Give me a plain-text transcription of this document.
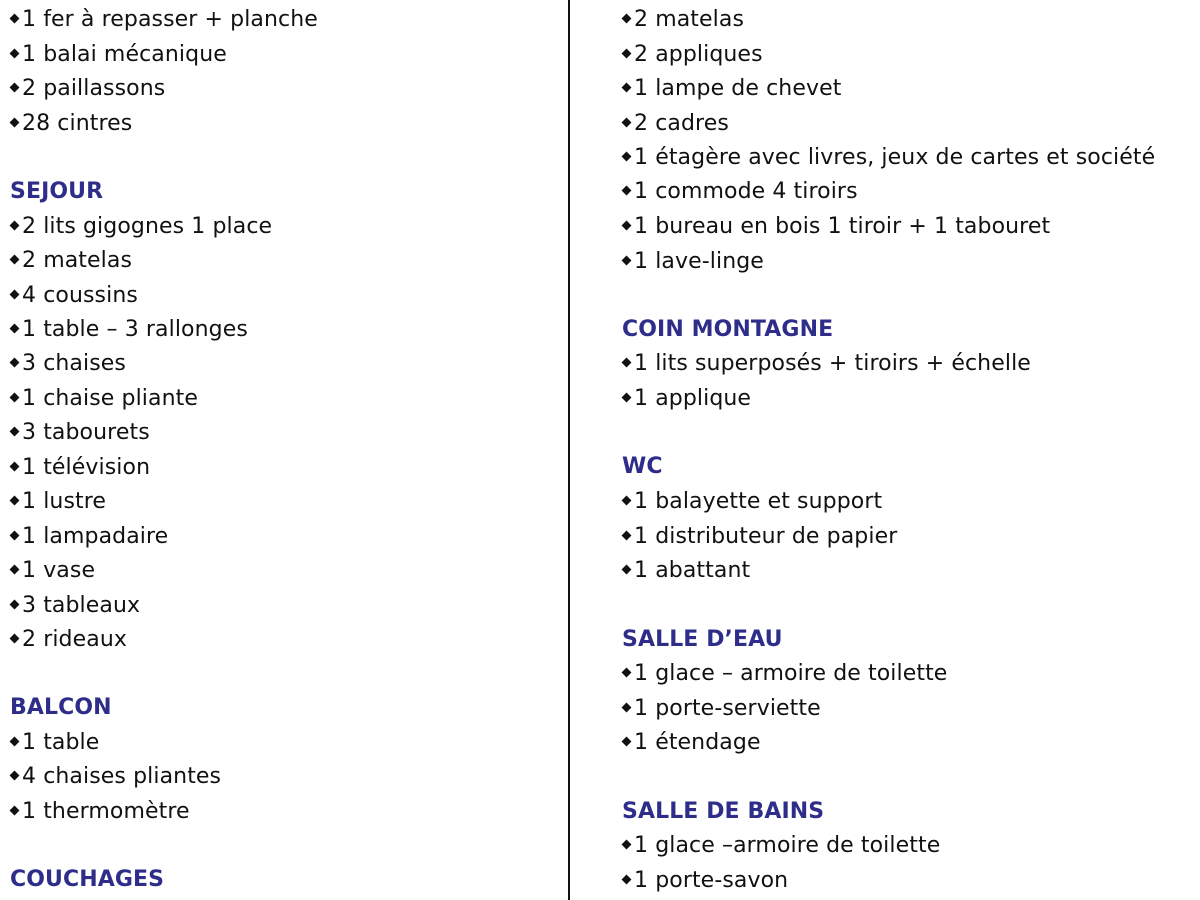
1 fer à repasser + planche
1 balai mécanique
2 paillassons
28 cintres
SEJOUR
2 lits gigognes 1 place
2 matelas
4 coussins
1 table – 3 rallonges
3 chaises
1 chaise pliante
3 tabourets
1 télévision
1 lustre
1 lampadaire
1 vase
3 tableaux
2 rideaux
BALCON
1 table
4 chaises pliantes
1 thermomètre
COUCHAGES
2 matelas
2 appliques
1 lampe de chevet
2 cadres
1 étagère avec livres, jeux de cartes et société
1 commode 4 tiroirs
1 bureau en bois 1 tiroir + 1 tabouret
1 lave-linge
COIN MONTAGNE
1 lits superposés + tiroirs + échelle
1 applique
WC
1 balayette et support
1 distributeur de papier
1 abattant
SALLE D’EAU
1 glace – armoire de toilette
1 porte-serviette
1 étendage
SALLE DE BAINS
1 glace –armoire de toilette
1 porte-savon
